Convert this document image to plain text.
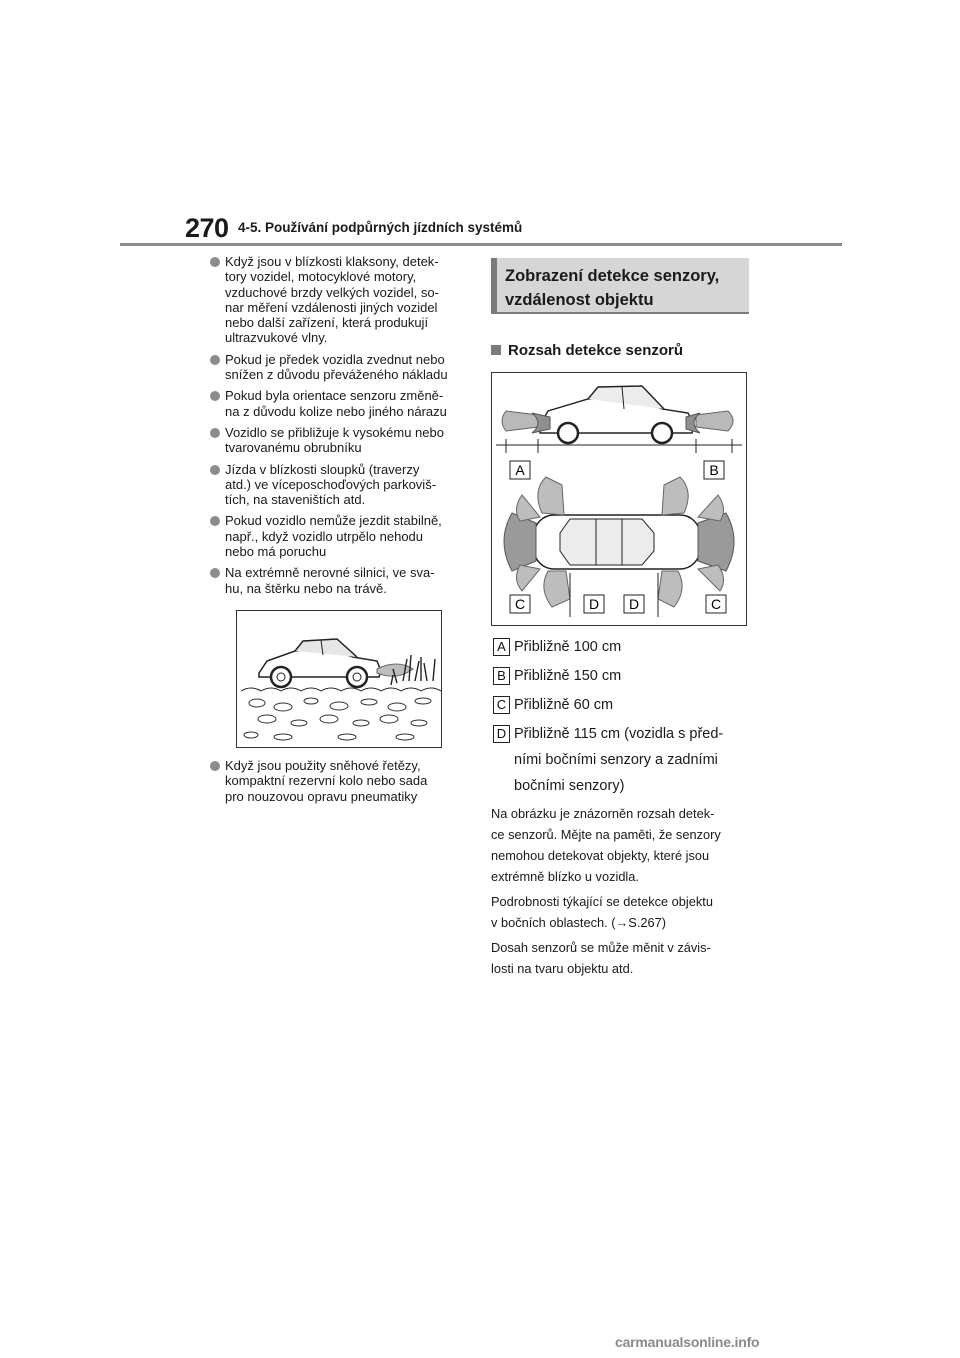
270 4-5. Používání podpůrných jízdních systémů
Když jsou v blízkosti klaksony, detek-
tory vozidel, motocyklové motory,
vzduchové brzdy velkých vozidel, so-
nar měření vzdálenosti jiných vozidel
nebo další zařízení, která produkují
ultrazvukové vlny.
Pokud je předek vozidla zvednut nebo
snížen z důvodu převáženého nákladu
Pokud byla orientace senzoru změně-
na z důvodu kolize nebo jiného nárazu
Vozidlo se přibližuje k vysokému nebo
tvarovanému obrubníku
Jízda v blízkosti sloupků (traverzy
atd.) ve víceposchoďových parkoviš-
tích, na staveništích atd.
Pokud vozidlo nemůže jezdit stabilně,
např., když vozidlo utrpělo nehodu
nebo má poruchu
Na extrémně nerovné silnici, ve sva-
hu, na štěrku nebo na trávě.
Když jsou použity sněhové řetězy,
kompaktní rezervní kolo nebo sada
pro nouzovou opravu pneumatiky
Zobrazení detekce senzory,
vzdálenost objektu
Rozsah detekce senzorů
A	B
C	D D	C
A Přibližně 100 cm
B Přibližně 150 cm
C Přibližně 60 cm
D Přibližně 115 cm (vozidla s před-
ními bočními senzory a zadními
bočními senzory)
Na obrázku je znázorněn rozsah detek-
ce senzorů. Mějte na paměti, že senzory
nemohou detekovat objekty, které jsou
extrémně blízko u vozidla.
Podrobnosti týkající se detekce objektu
v bočních oblastech. (→S.267)
Dosah senzorů se může měnit v závis-
losti na tvaru objektu atd.
carmanualsonline.info
